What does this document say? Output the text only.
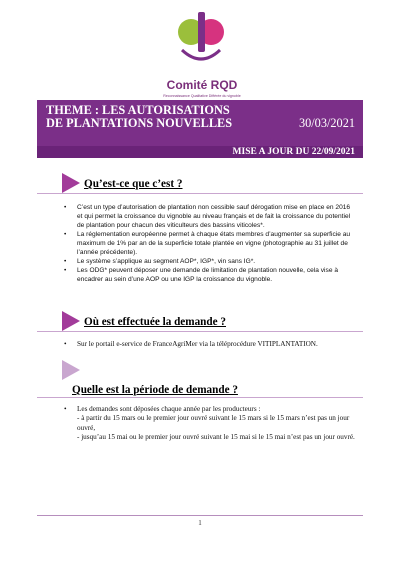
Comité RQD
Reconnaissance Qualitative Différée du vignoble
THEME : LES AUTORISATIONS DE PLANTATIONS NOUVELLES	30/03/2021
MISE A JOUR DU 22/09/2021
Qu’est-ce que c’est ?
• C’est un type d’autorisation de plantation non cessible sauf dérogation mise en place en 2016 et qui permet la croissance du vignoble au niveau français et de fait la croissance du potentiel de plantation pour chacun des viticulteurs des bassins viticoles*.
• La réglementation européenne permet à chaque états membres d’augmenter sa superficie au maximum de 1% par an de la superficie totale plantée en vigne (photographie au 31 juillet de l’année précédente).
• Le système s’applique au segment AOP*, IGP*, vin sans IG*.
• Les ODG* peuvent déposer une demande de limitation de plantation nouvelle, cela vise à encadrer au sein d’une AOP ou une IGP la croissance du vignoble.
Où est effectuée la demande ?
• Sur le portail e-service de FranceAgriMer via la téléprocédure VITIPLANTATION.
Quelle est la période de demande ?
• Les demandes sont déposées chaque année par les producteurs :
- à partir du 15 mars ou le premier jour ouvré suivant le 15 mars si le 15 mars n’est pas un jour ouvré,
- jusqu’au 15 mai ou le premier jour ouvré suivant le 15 mai si le 15 mai n’est pas un jour ouvré.
1
